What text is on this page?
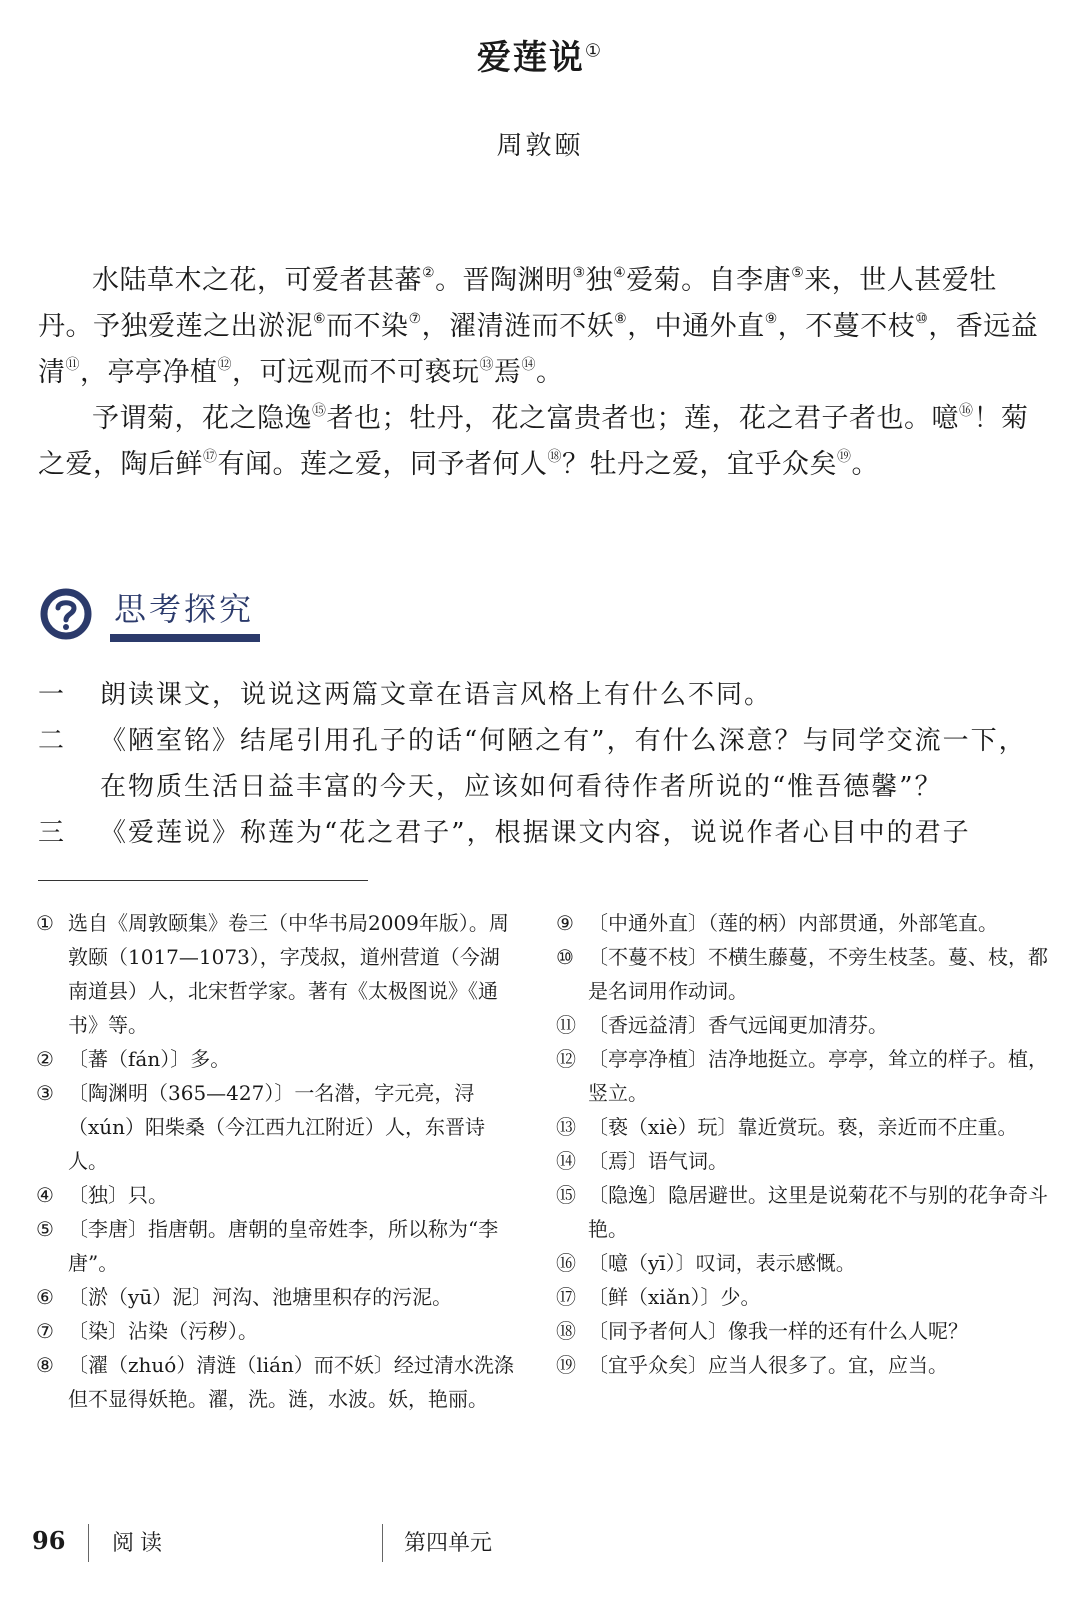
爱莲说①
周敦颐

水陆草木之花，可爱者甚蕃②。晋陶渊明③独④爱菊。自李唐⑤来，世人甚爱牡丹。予独爱莲之出淤泥⑥而不染⑦，濯清涟而不妖⑧，中通外直⑨，不蔓不枝⑩，香远益清⑪，亭亭净植⑫，可远观而不可亵玩⑬焉⑭。

予谓菊，花之隐逸⑮者也；牡丹，花之富贵者也；莲，花之君子者也。噫⑯！菊之爱，陶后鲜⑰有闻。莲之爱，同予者何人⑱？牡丹之爱，宜乎众矣⑲。

思考探究
一	朗读课文，说说这两篇文章在语言风格上有什么不同。
二	《陋室铭》结尾引用孔子的话“何陋之有”，有什么深意？与同学交流一下，
在物质生活日益丰富的今天，应该如何看待作者所说的“惟吾德馨”？
三	《爱莲说》称莲为“花之君子”，根据课文内容，说说作者心目中的君子
① 选自《周敦颐集》卷三（中华书局2009年版）。周敦颐（1017—1073），字茂叔，道州营道（今湖南道县）人，北宋哲学家。著有《太极图说》《通书》等。
② 〔蕃（fán）〕多。
③ 〔陶渊明（365—427）〕一名潜，字元亮，浔（xún）阳柴桑（今江西九江附近）人，东晋诗人。
④ 〔独〕只。
⑤ 〔李唐〕指唐朝。唐朝的皇帝姓李，所以称为“李唐”。
⑥ 〔淤（yū）泥〕河沟、池塘里积存的污泥。
⑦ 〔染〕沾染（污秽）。
⑧ 〔濯（zhuó）清涟（lián）而不妖〕经过清水洗涤但不显得妖艳。濯，洗。涟，水波。妖，艳丽。
⑨ 〔中通外直〕（莲的柄）内部贯通，外部笔直。
⑩ 〔不蔓不枝〕不横生藤蔓，不旁生枝茎。蔓、枝，都是名词用作动词。
⑪ 〔香远益清〕香气远闻更加清芬。
⑫ 〔亭亭净植〕洁净地挺立。亭亭，耸立的样子。植，竖立。
⑬ 〔亵（xiè）玩〕靠近赏玩。亵，亲近而不庄重。
⑭ 〔焉〕语气词。
⑮ 〔隐逸〕隐居避世。这里是说菊花不与别的花争奇斗艳。
⑯ 〔噫（yī）〕叹词，表示感慨。
⑰ 〔鲜（xiǎn）〕少。
⑱ 〔同予者何人〕像我一样的还有什么人呢？
⑲ 〔宜乎众矣〕应当人很多了。宜，应当。
96 阅读	第四单元
